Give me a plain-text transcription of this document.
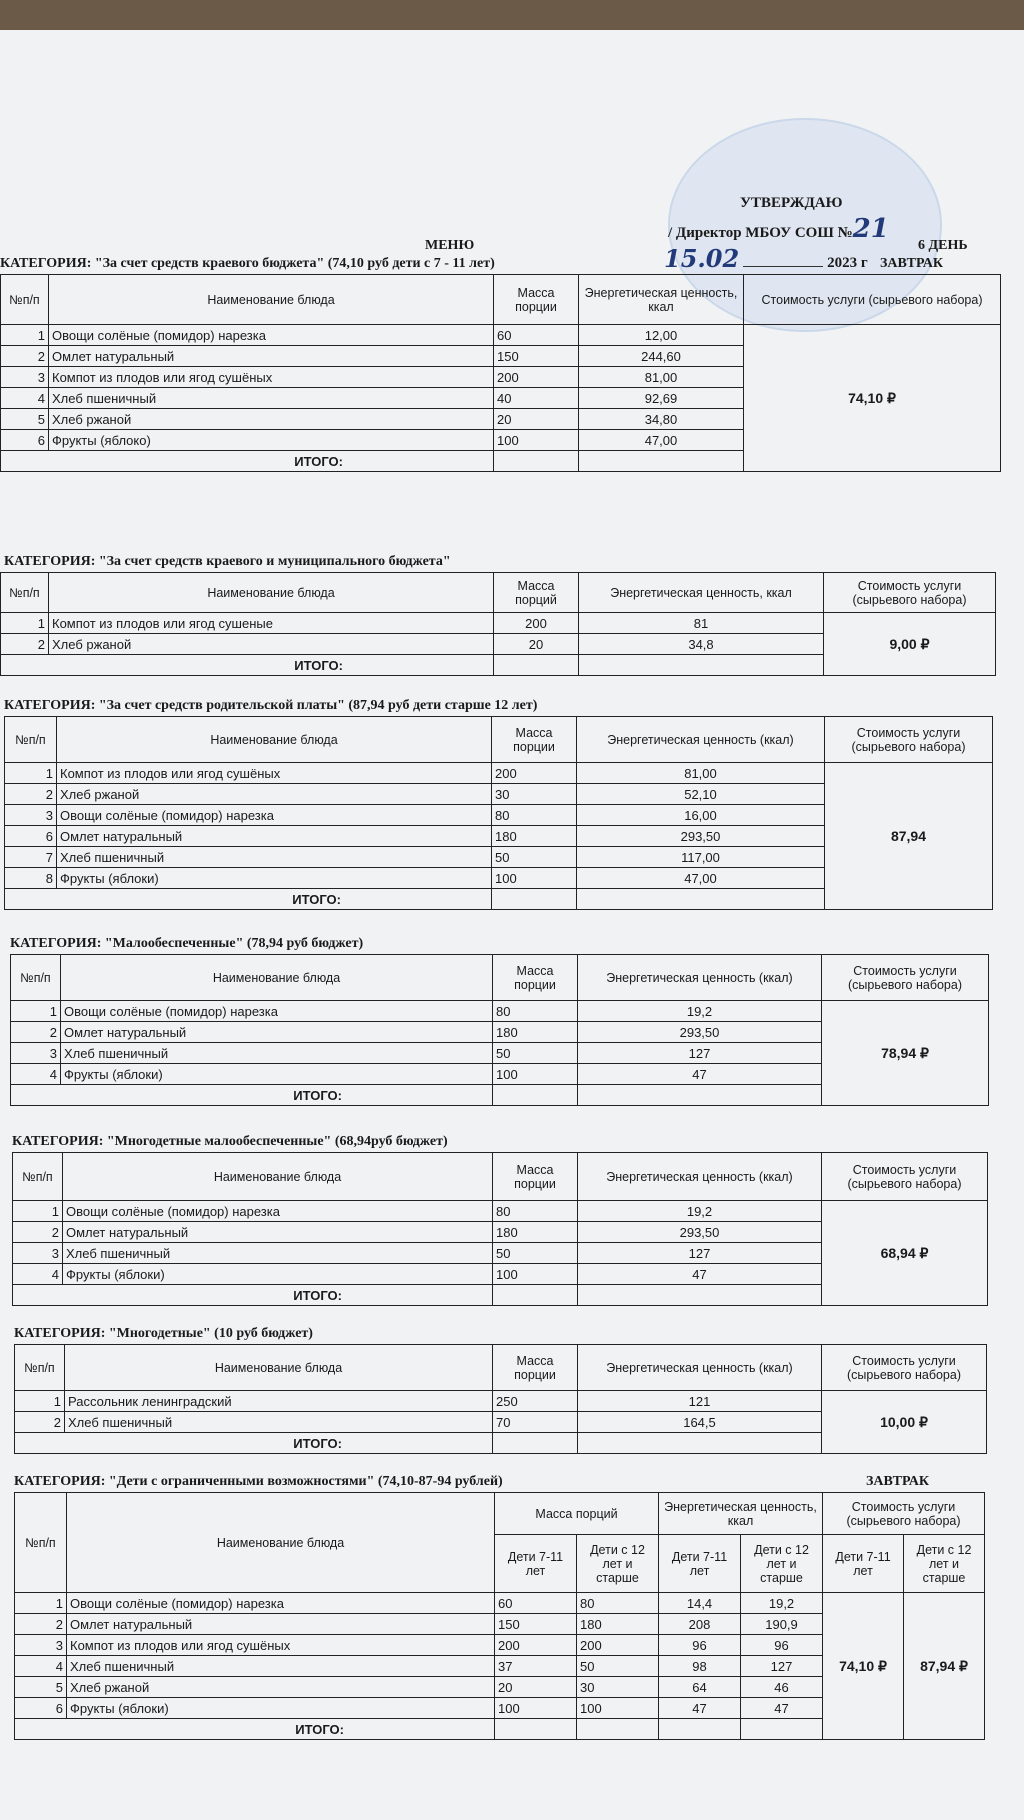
УТВЕРЖДАЮ
/ Директор МБОУ СОШ №21
15.02	2023 г
МЕНЮ	6 ДЕНЬ
КАТЕГОРИЯ: "За счет средств краевого бюджета" (74,10 руб дети с 7 - 11 лет)	ЗАВТРАК
№п/п	Наименование блюда	Масса порции	Энергетическая ценность, ккал	Стоимость услуги (сырьевого набора)
1	Овощи солёные (помидор) нарезка	60	12,00	74,10 ₽
2	Омлет натуральный	150	244,60	
3	Компот из плодов или ягод сушёных	200	81,00	
4	Хлеб пшеничный	40	92,69	
5	Хлеб ржаной	20	34,80	
6	Фрукты (яблоко)	100	47,00	
ИТОГО:				
КАТЕГОРИЯ: "За счет средств краевого и муниципального бюджета"
№п/п	Наименование блюда	Масса порций	Энергетическая ценность, ккал	Стоимость услуги (сырьевого набора)
1	Компот из плодов или ягод сушеные	200	81	9,00 ₽
2	Хлеб ржаной	20	34,8	
ИТОГО:				
КАТЕГОРИЯ: "За счет средств родительской платы" (87,94 руб дети старше 12 лет)
№п/п	Наименование блюда	Масса порции	Энергетическая ценность (ккал)	Стоимость услуги (сырьевого набора)
1	Компот из плодов или ягод сушёных	200	81,00	87,94
2	Хлеб ржаной	30	52,10	
3	Овощи солёные (помидор) нарезка	80	16,00	
6	Омлет натуральный	180	293,50	
7	Хлеб пшеничный	50	117,00	
8	Фрукты (яблоки)	100	47,00	
ИТОГО:				
КАТЕГОРИЯ: "Малообеспеченные" (78,94 руб бюджет)
№п/п	Наименование блюда	Масса порции	Энергетическая ценность (ккал)	Стоимость услуги (сырьевого набора)
1	Овощи солёные (помидор) нарезка	80	19,2	78,94 ₽
2	Омлет натуральный	180	293,50	
3	Хлеб пшеничный	50	127	
4	Фрукты (яблоки)	100	47	
ИТОГО:				
КАТЕГОРИЯ: "Многодетные малообеспеченные" (68,94руб бюджет)
№п/п	Наименование блюда	Масса порции	Энергетическая ценность (ккал)	Стоимость услуги (сырьевого набора)
1	Овощи солёные (помидор) нарезка	80	19,2	68,94 ₽
2	Омлет натуральный	180	293,50	
3	Хлеб пшеничный	50	127	
4	Фрукты (яблоки)	100	47	
ИТОГО:				
КАТЕГОРИЯ: "Многодетные" (10 руб бюджет)
№п/п	Наименование блюда	Масса порции	Энергетическая ценность (ккал)	Стоимость услуги (сырьевого набора)
1	Рассольник ленинградский	250	121	10,00 ₽
2	Хлеб пшеничный	70	164,5	
ИТОГО:				
КАТЕГОРИЯ: "Дети с ограниченными возможностями" (74,10-87-94 рублей)	ЗАВТРАК
№п/п	Наименование блюда	Масса порций		Энергетическая ценность, ккал		Стоимость услуги (сырьевого набора)	
		Дети 7-11 лет	Дети с 12 лет и старше	Дети 7-11 лет	Дети с 12 лет и старше	Дети 7-11 лет	Дети с 12 лет и старше
1	Овощи солёные (помидор) нарезка	60	80	14,4	19,2	74,10 ₽	87,94 ₽
2	Омлет натуральный	150	180	208	190,9		
3	Компот из плодов или ягод сушёных	200	200	96	96		
4	Хлеб пшеничный	37	50	98	127		
5	Хлеб ржаной	20	30	64	46		
6	Фрукты (яблоки)	100	100	47	47		
ИТОГО:							
